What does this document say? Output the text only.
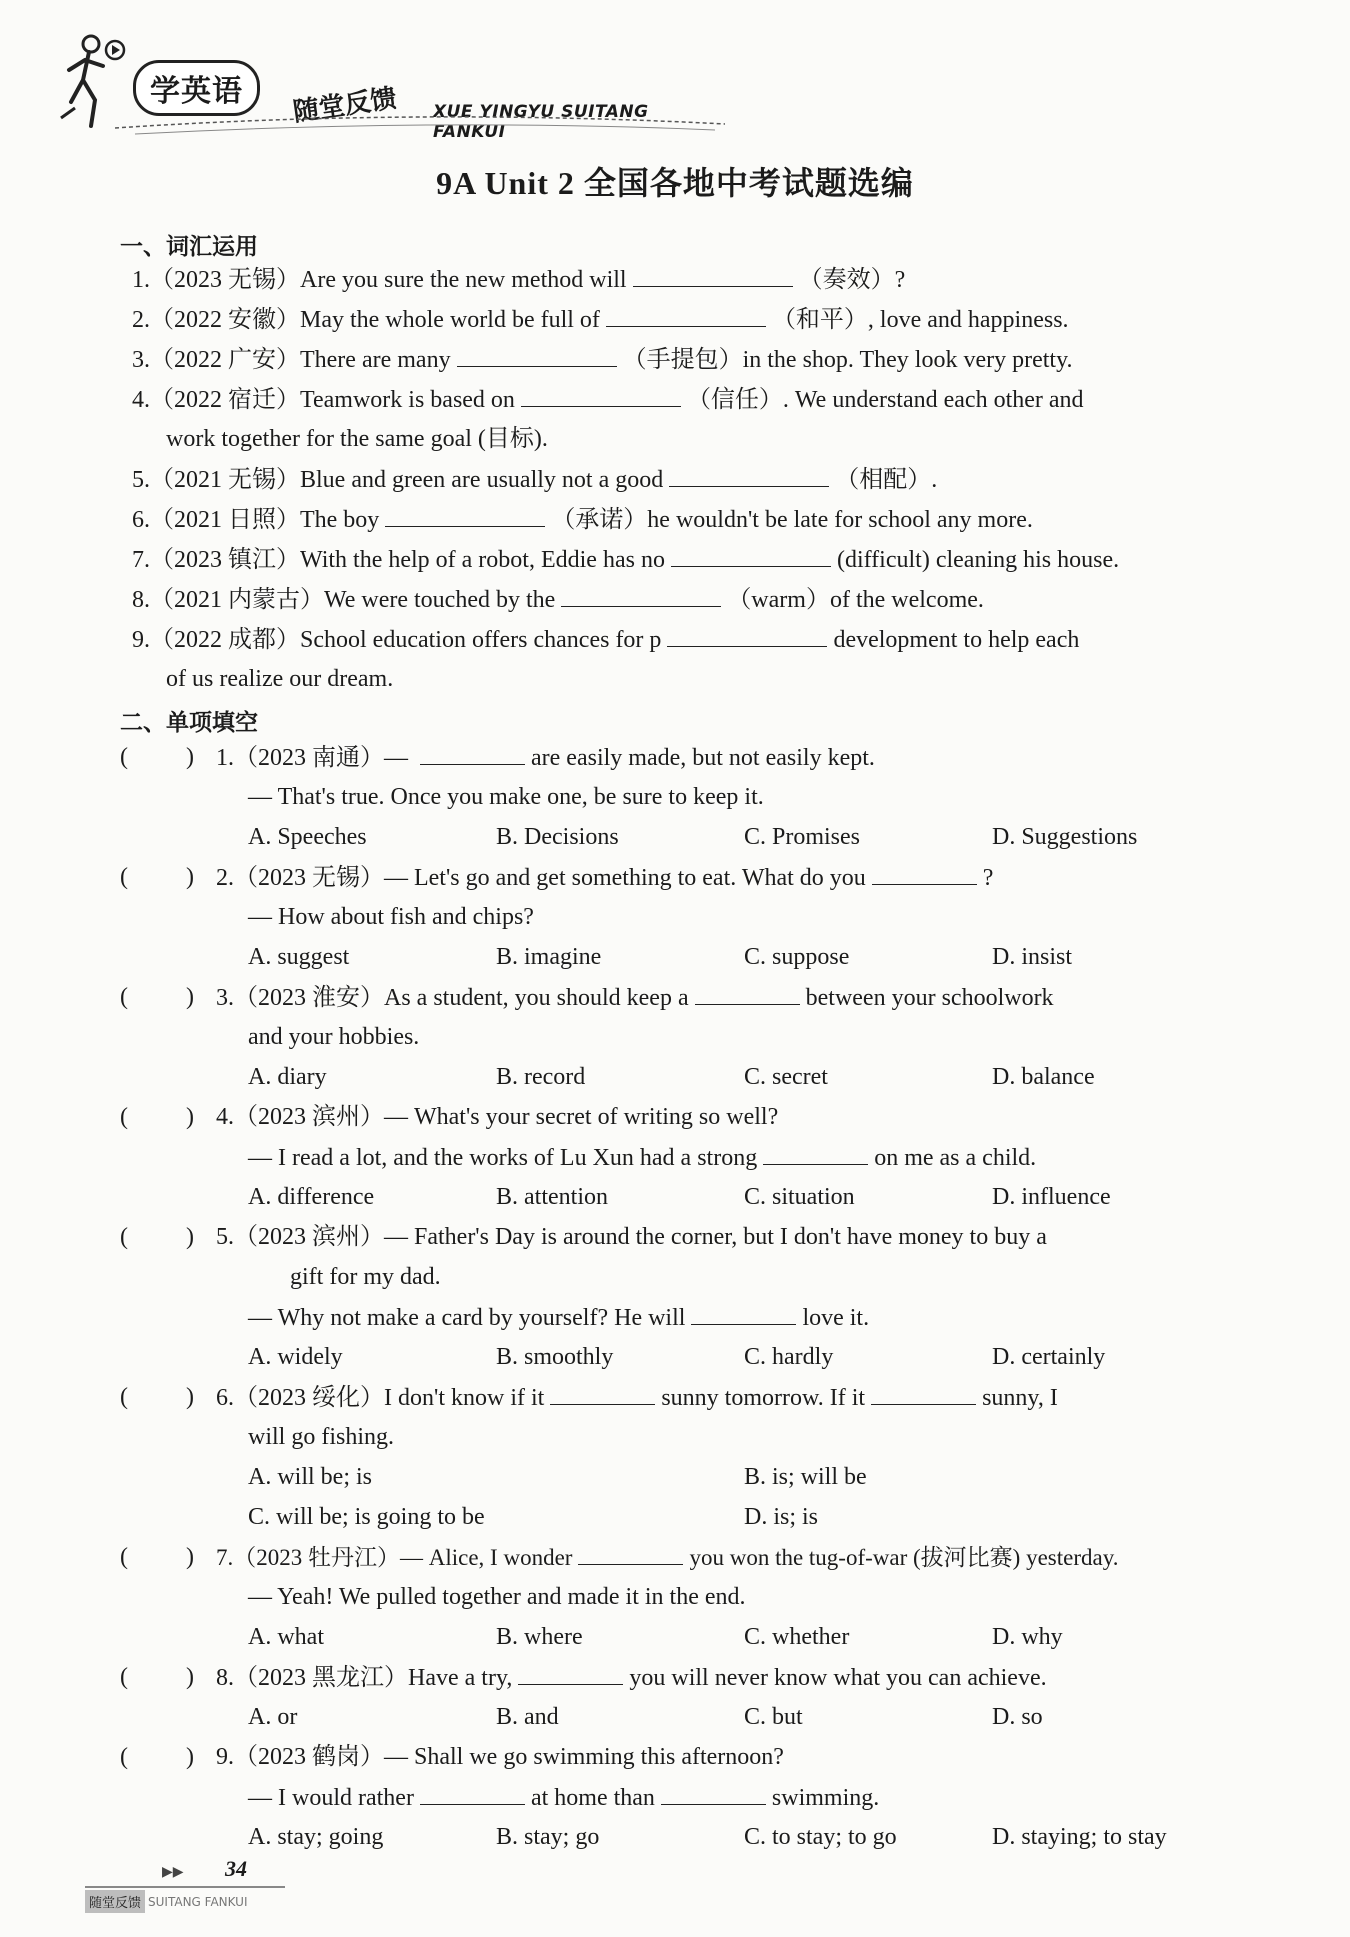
学英语	随堂反馈 XUE YINGYU SUITANG FANKUI
9A Unit 2 全国各地中考试题选编
一、词汇运用
1.（2023 无锡）Are you sure the new method will	（奏效）?
2.（2022 安徽）May the whole world be full of	（和平）, love and happiness.
3.（2022 广安）There are many	（手提包）in the shop. They look very pretty.
4.（2022 宿迁）Teamwork is based on	（信任）. We understand each other and
work together for the same goal (目标).
5.（2021 无锡）Blue and green are usually not a good	（相配）.
6.（2021 日照）The boy	（承诺）he wouldn't be late for school any more.
7.（2023 镇江）With the help of a robot, Eddie has no	(difficult) cleaning his house.
8.（2021 内蒙古）We were touched by the	（warm）of the welcome.
9.（2022 成都）School education offers chances for p	development to help each
of us realize our dream.
二、单项填空
( ) 1.（2023 南通）—	are easily made, but not easily kept.
— That's true. Once you make one, be sure to keep it.
A. Speeches	B. Decisions	C. Promises	D. Suggestions
( ) 2.（2023 无锡）— Let's go and get something to eat. What do you	?
— How about fish and chips?
A. suggest	B. imagine	C. suppose	D. insist
( ) 3.（2023 淮安）As a student, you should keep a	between your schoolwork
and your hobbies.
A. diary	B. record	C. secret	D. balance
( ) 4.（2023 滨州）— What's your secret of writing so well?
— I read a lot, and the works of Lu Xun had a strong	on me as a child.
A. difference	B. attention	C. situation	D. influence
( ) 5.（2023 滨州）— Father's Day is around the corner, but I don't have money to buy a
gift for my dad.
— Why not make a card by yourself? He will	love it.
A. widely	B. smoothly	C. hardly	D. certainly
( ) 6.（2023 绥化）I don't know if it	sunny tomorrow. If it	sunny, I
will go fishing.
A. will be; is	B. is; will be
C. will be; is going to be	D. is; is
( ) 7.（2023 牡丹江）— Alice, I wonder	you won the tug-of-war (拔河比赛) yesterday.
— Yeah! We pulled together and made it in the end.
A. what	B. where	C. whether	D. why
( ) 8.（2023 黑龙江）Have a try,	you will never know what you can achieve.
A. or	B. and	C. but	D. so
( ) 9.（2023 鹤岗）— Shall we go swimming this afternoon?
— I would rather	at home than	swimming.
A. stay; going	B. stay; go	C. to stay; to go	D. staying; to stay
▶▶ 34
随堂反馈 SUITANG FANKUI
